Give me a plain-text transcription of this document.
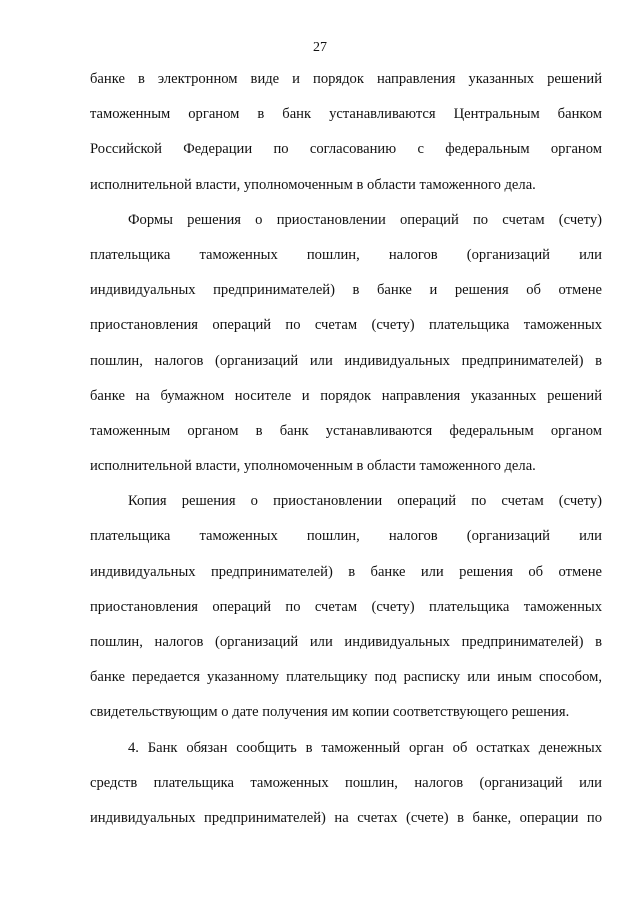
27
банке в электронном виде и порядок направления указанных решений
таможенным органом в банк устанавливаются Центральным банком
Российской Федерации по согласованию с федеральным органом
исполнительной власти, уполномоченным в области таможенного дела.
Формы решения о приостановлении операций по счетам (счету)
плательщика таможенных пошлин, налогов (организаций или
индивидуальных предпринимателей) в банке и решения об отмене
приостановления операций по счетам (счету) плательщика таможенных
пошлин, налогов (организаций или индивидуальных предпринимателей) в
банке на бумажном носителе и порядок направления указанных решений
таможенным органом в банк устанавливаются федеральным органом
исполнительной власти, уполномоченным в области таможенного дела.
Копия решения о приостановлении операций по счетам (счету)
плательщика таможенных пошлин, налогов (организаций или
индивидуальных предпринимателей) в банке или решения об отмене
приостановления операций по счетам (счету) плательщика таможенных
пошлин, налогов (организаций или индивидуальных предпринимателей) в
банке передается указанному плательщику под расписку или иным способом,
свидетельствующим о дате получения им копии соответствующего решения.
4. Банк обязан сообщить в таможенный орган об остатках денежных
средств плательщика таможенных пошлин, налогов (организаций или
индивидуальных предпринимателей) на счетах (счете) в банке, операции по
